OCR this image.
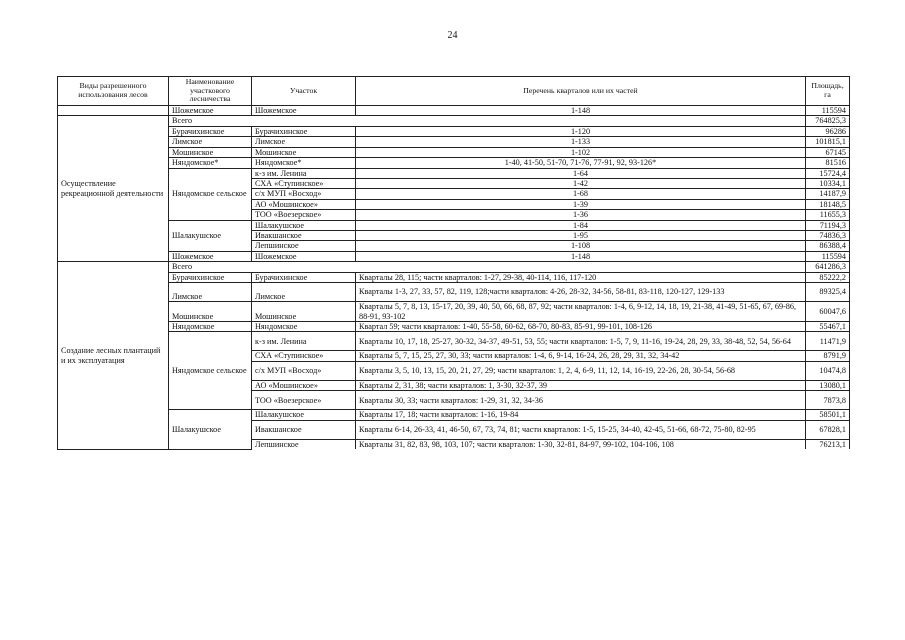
24
Виды разрешенного использования лесов	Наименование участкового лесничества	Участок	Перечень кварталов или их частей	Площадь, га
	Шожемское	Шожемское	1-148	115594
Осуществление рекреационной деятельности	Всего			764825,3
	Бурачихинское	Бурачихинское	1-120	96286
	Лимское	Лимское	1-133	101815,1
	Мошинское	Мошинское	1-102	67145
	Няндомское*	Няндомское*	1-40, 41-50, 51-70, 71-76, 77-91, 92, 93-126*	81516
	Няндомское сельское	к-з им. Ленина	1-64	15724,4
		СХА «Ступинское»	1-42	10334,1
		с/х МУП «Восход»	1-68	14187,9
		АО «Мошинское»	1-39	18148,5
		ТОО «Воезерское»	1-36	11655,3
	Шалакушское	Шалакушское	1-84	71194,3
		Ивакшанское	1-95	74836,3
		Лепшинское	1-108	86388,4
	Шожемское	Шожемское	1-148	115594
Создание лесных плантаций и их эксплуатация	Всего			641286,3
	Бурачихинское	Бурачихинское	Кварталы 28, 115; части кварталов: 1-27, 29-38, 40-114, 116, 117-120	85222,2
	Лимское	Лимское	Кварталы 1-3, 27, 33, 57, 82, 119, 128;части кварталов: 4-26, 28-32, 34-56, 58-81, 83-118, 120-127, 129-133	89325,4
	Мошинское	Мошинское	Кварталы 5, 7, 8, 13, 15-17, 20, 39, 40, 50, 66, 68, 87, 92; части кварталов: 1-4, 6, 9-12, 14, 18, 19, 21-38, 41-49, 51-65, 67, 69-86, 88-91, 93-102	60047,6
	Няндомское	Няндомское	Квартал 59; части кварталов: 1-40, 55-58, 60-62, 68-70, 80-83, 85-91, 99-101, 108-126	55467,1
	Няндомское сельское	к-з им. Ленина	Кварталы 10, 17, 18, 25-27, 30-32, 34-37, 49-51, 53, 55; части кварталов: 1-5, 7, 9, 11-16, 19-24, 28, 29, 33, 38-48, 52, 54, 56-64	11471,9
		СХА «Ступинское»	Кварталы 5, 7, 15, 25, 27, 30, 33; части кварталов: 1-4, 6, 9-14, 16-24, 26, 28, 29, 31, 32, 34-42	8791,9
		с/х МУП «Восход»	Кварталы 3, 5, 10, 13, 15, 20, 21, 27, 29; части кварталов: 1, 2, 4, 6-9, 11, 12, 14, 16-19, 22-26, 28, 30-54, 56-68	10474,8
		АО «Мошинское»	Кварталы 2, 31, 38; части кварталов: 1, 3-30, 32-37, 39	13080,1
		ТОО «Воезерское»	Кварталы 30, 33; части кварталов: 1-29, 31, 32, 34-36	7873,8
	Шалакушское	Шалакушское	Кварталы 17, 18; части кварталов: 1-16, 19-84	58501,1
		Ивакшанское	Кварталы 6-14, 26-33, 41, 46-50, 67, 73, 74, 81; части кварталов: 1-5, 15-25, 34-40, 42-45, 51-66, 68-72, 75-80, 82-95	67828,1
		Лепшинское	Кварталы 31, 82, 83, 98, 103, 107; части кварталов: 1-30, 32-81, 84-97, 99-102, 104-106, 108	76213,1
